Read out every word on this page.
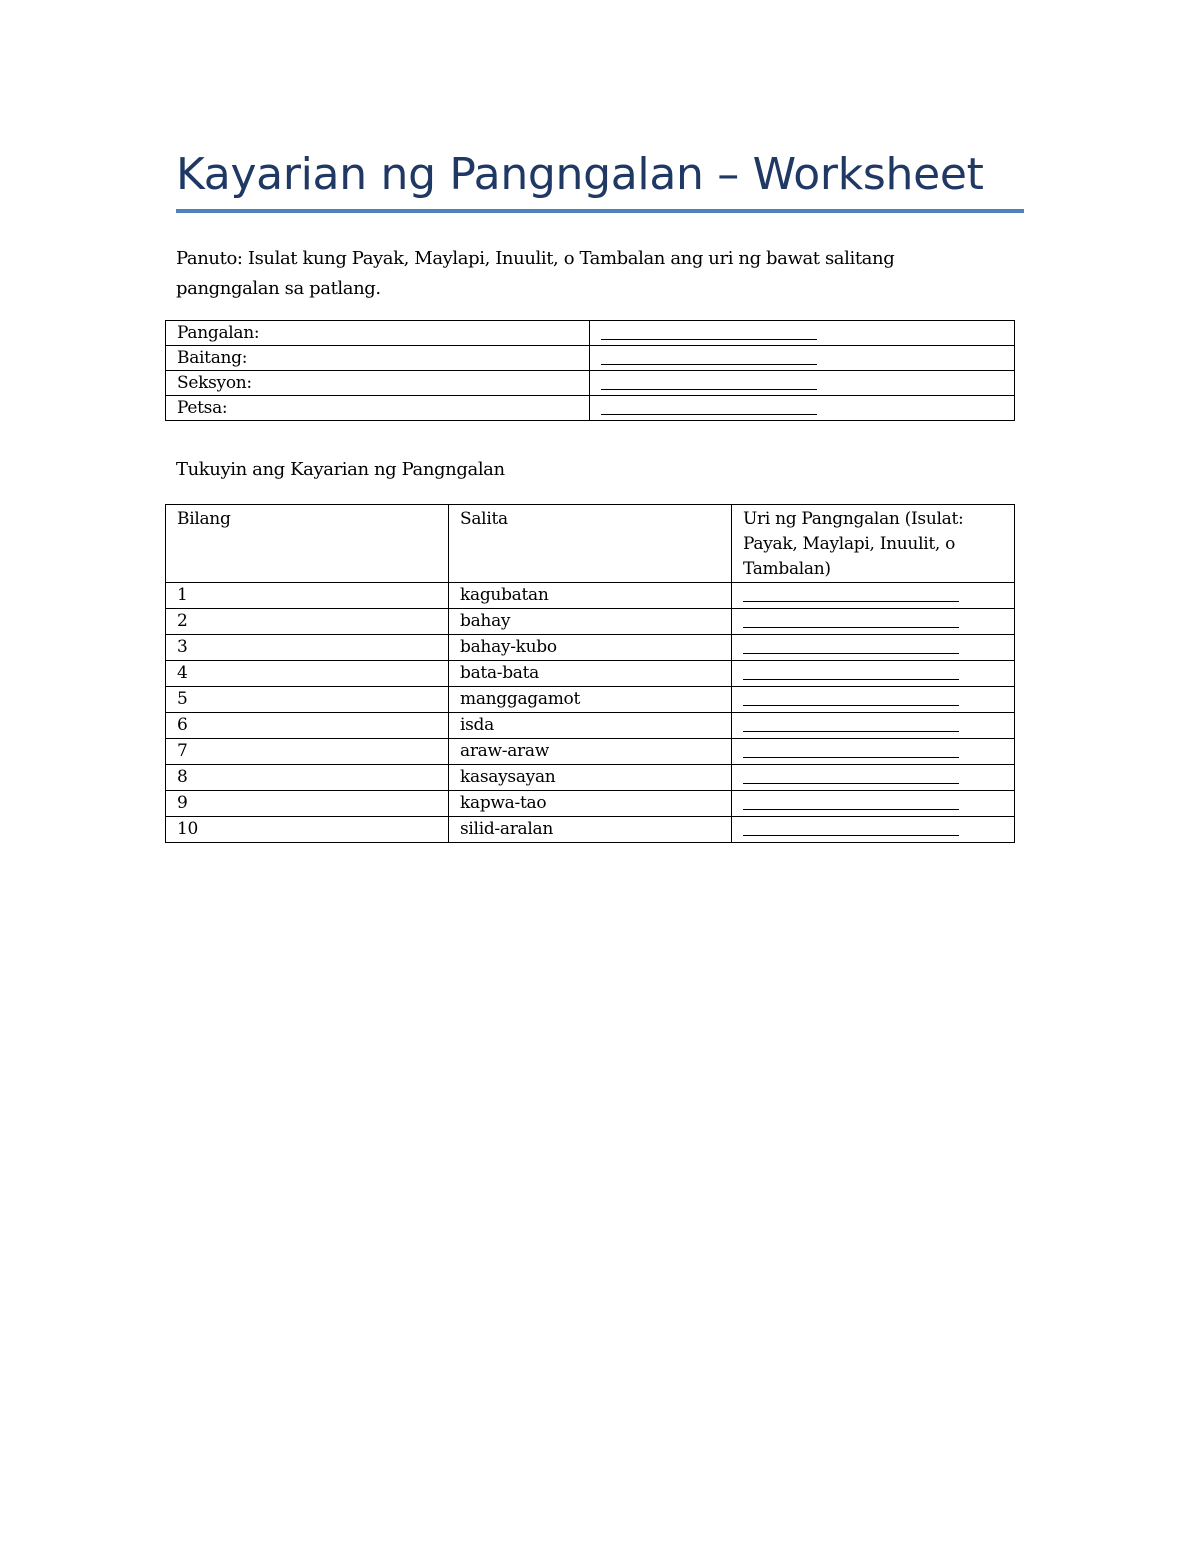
Kayarian ng Pangngalan – Worksheet

Panuto: Isulat kung Payak, Maylapi, Inuulit, o Tambalan ang uri ng bawat salitang pangngalan sa patlang.

Pangalan:	
Baitang:	
Seksyon:	
Petsa:	
Tukuyin ang Kayarian ng Pangngalan
Bilang	Salita	Uri ng Pangngalan (Isulat: Payak, Maylapi, Inuulit, o Tambalan)
1	kagubatan	
2	bahay	
3	bahay-kubo	
4	bata-bata	
5	manggagamot	
6	isda	
7	araw-araw	
8	kasaysayan	
9	kapwa-tao	
10	silid-aralan	
